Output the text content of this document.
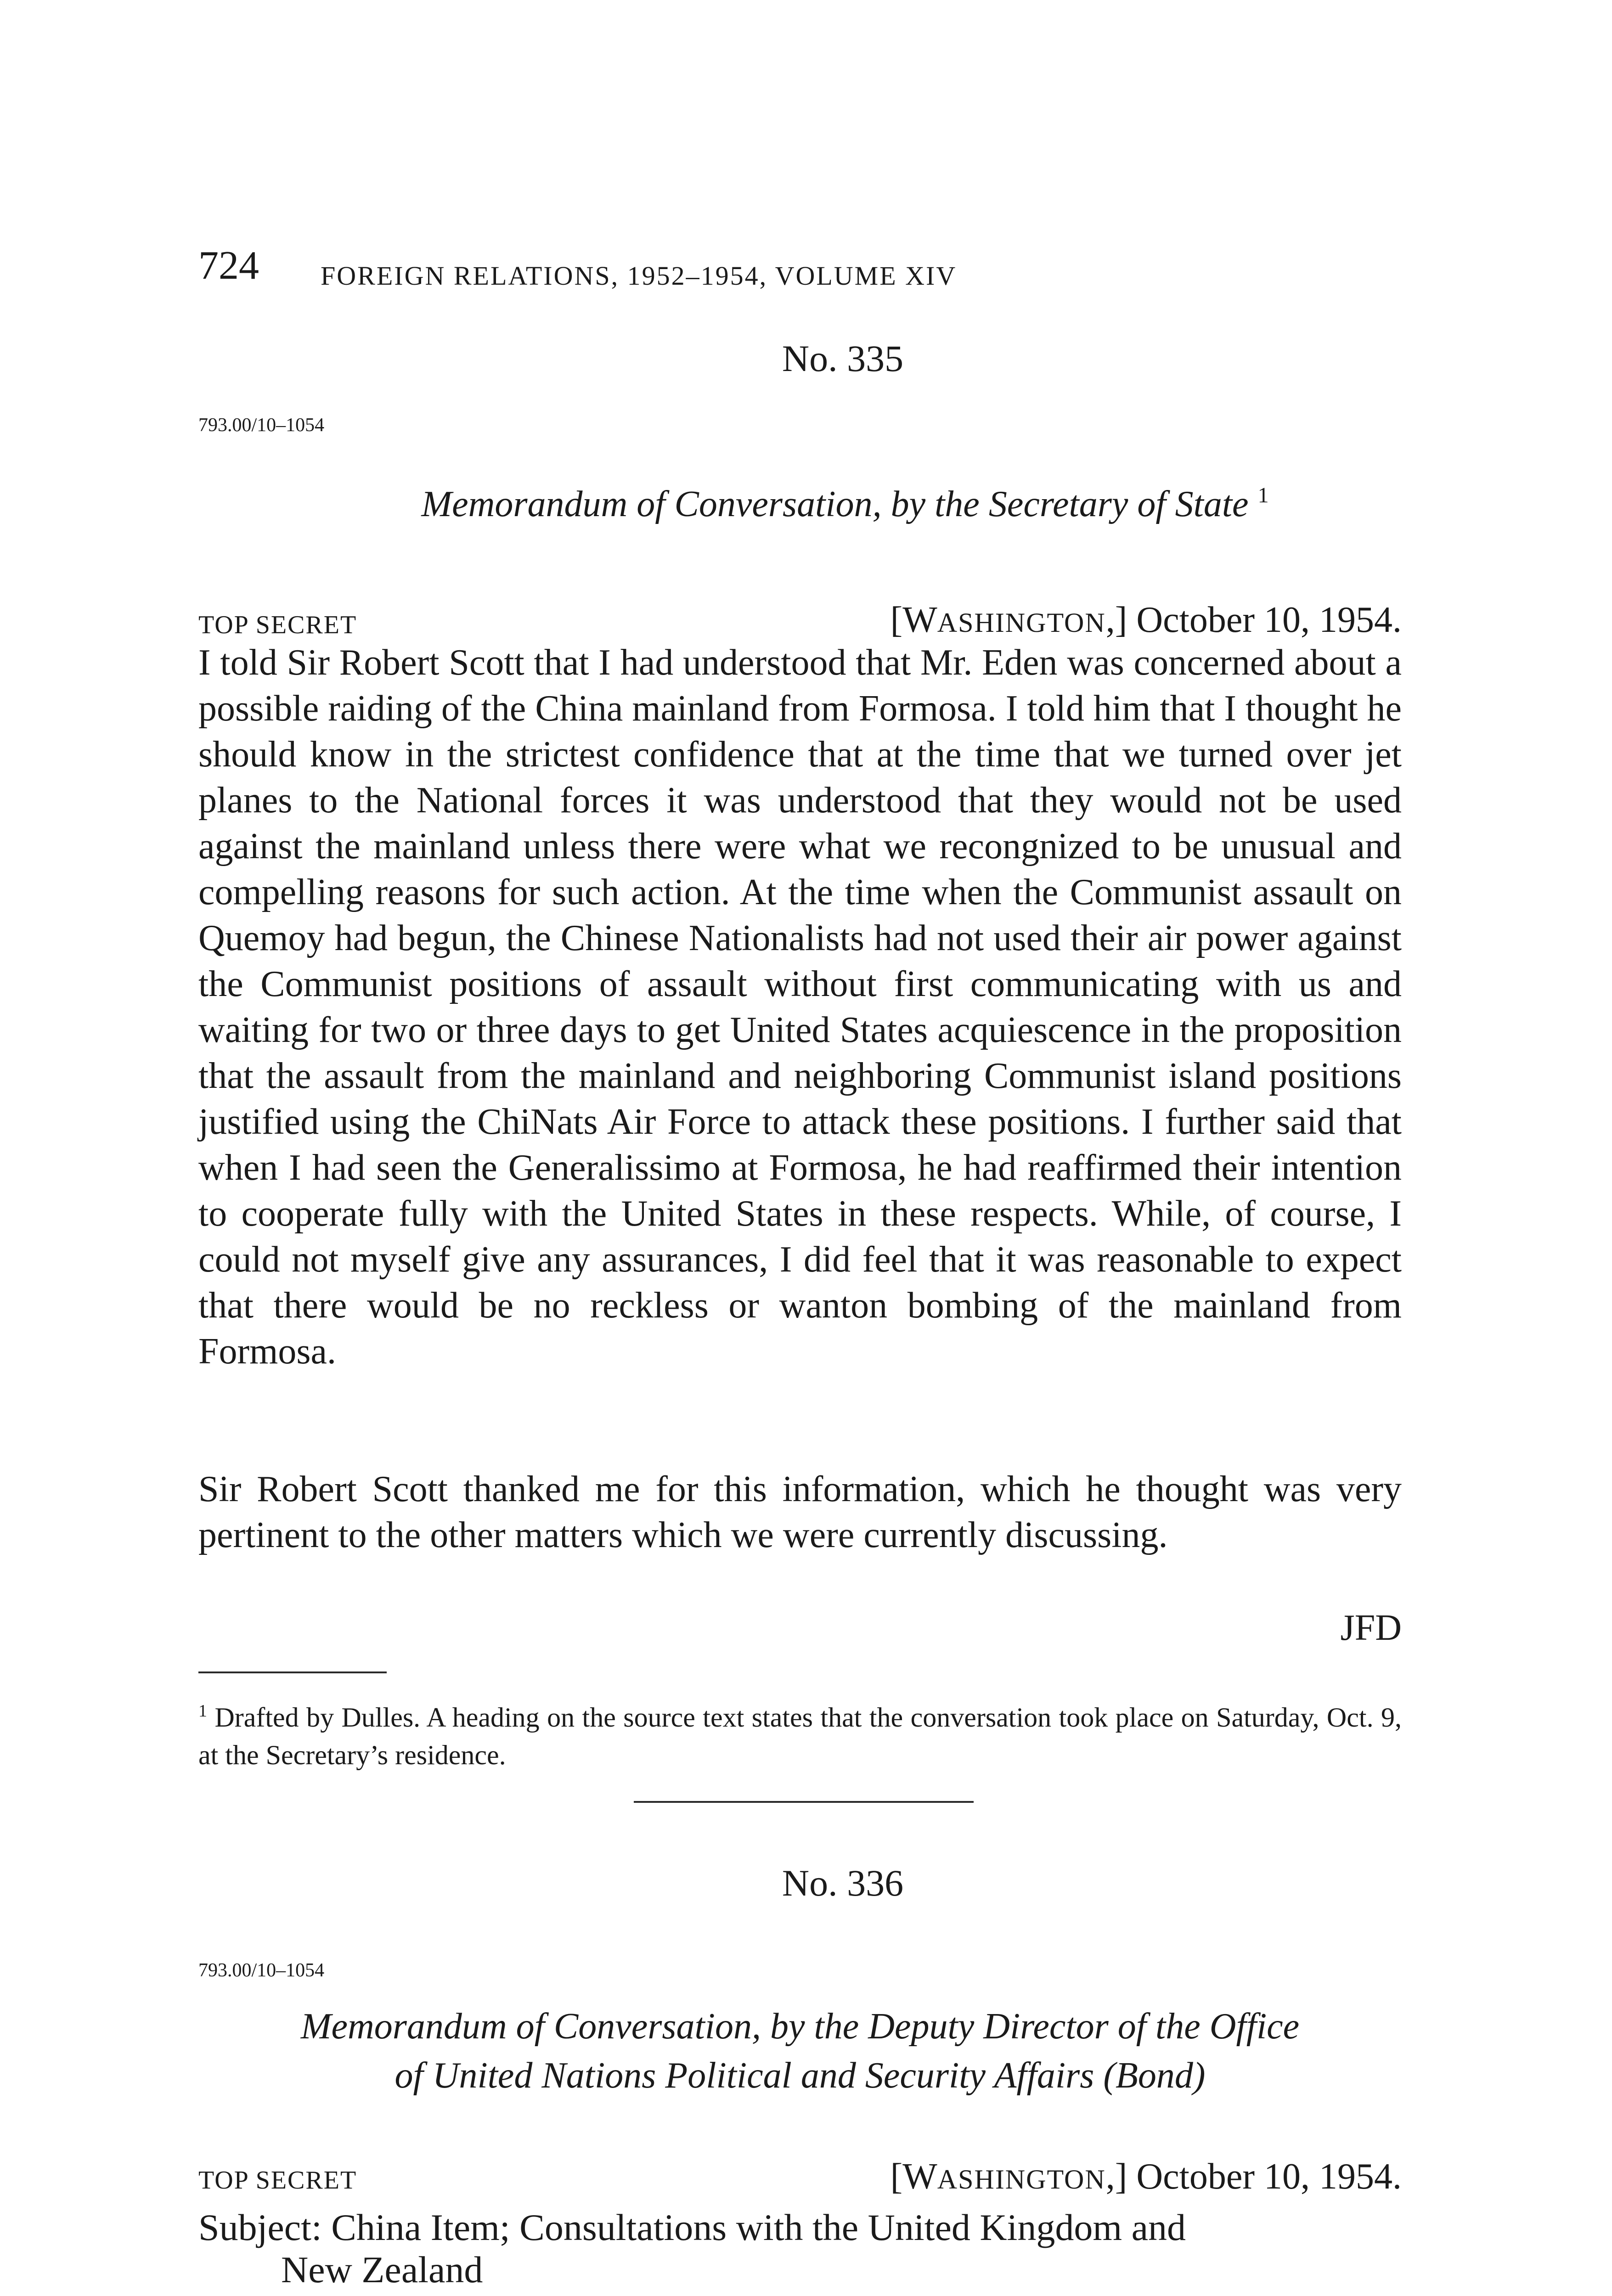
724 FOREIGN RELATIONS, 1952–1954, VOLUME XIV
No. 335
793.00/10–1054
Memorandum of Conversation, by the Secretary of State $^1$
TOP SECRET	[WASHINGTON,] October 10, 1954.

I told Sir Robert Scott that I had understood that Mr. Eden was concerned about a possible raiding of the China mainland from Formosa. I told him that I thought he should know in the strictest confidence that at the time that we turned over jet planes to the National forces it was understood that they would not be used against the mainland unless there were what we recongnized to be unusual and compelling reasons for such action. At the time when the Communist assault on Quemoy had begun, the Chinese Nationalists had not used their air power against the Communist positions of assault without first communicating with us and waiting for two or three days to get United States acquiescence in the proposition that the assault from the mainland and neighboring Communist island positions justified using the ChiNats Air Force to attack these positions. I further said that when I had seen the Generalissimo at Formosa, he had reaffirmed their intention to cooperate fully with the United States in these respects. While, of course, I could not myself give any assurances, I did feel that it was reasonable to expect that there would be no reckless or wanton bombing of the mainland from Formosa.

Sir Robert Scott thanked me for this information, which he thought was very pertinent to the other matters which we were currently discussing.

JFD
$^1$ Drafted by Dulles. A heading on the source text states that the conversation took place on Saturday, Oct. 9, at the Secretary’s residence.
No. 336
793.00/10–1054
Memorandum of Conversation, by the Deputy Director of the Office
of United Nations Political and Security Affairs (Bond)
TOP SECRET	[WASHINGTON,] October 10, 1954.
Subject: China Item; Consultations with the United Kingdom and
New Zealand
